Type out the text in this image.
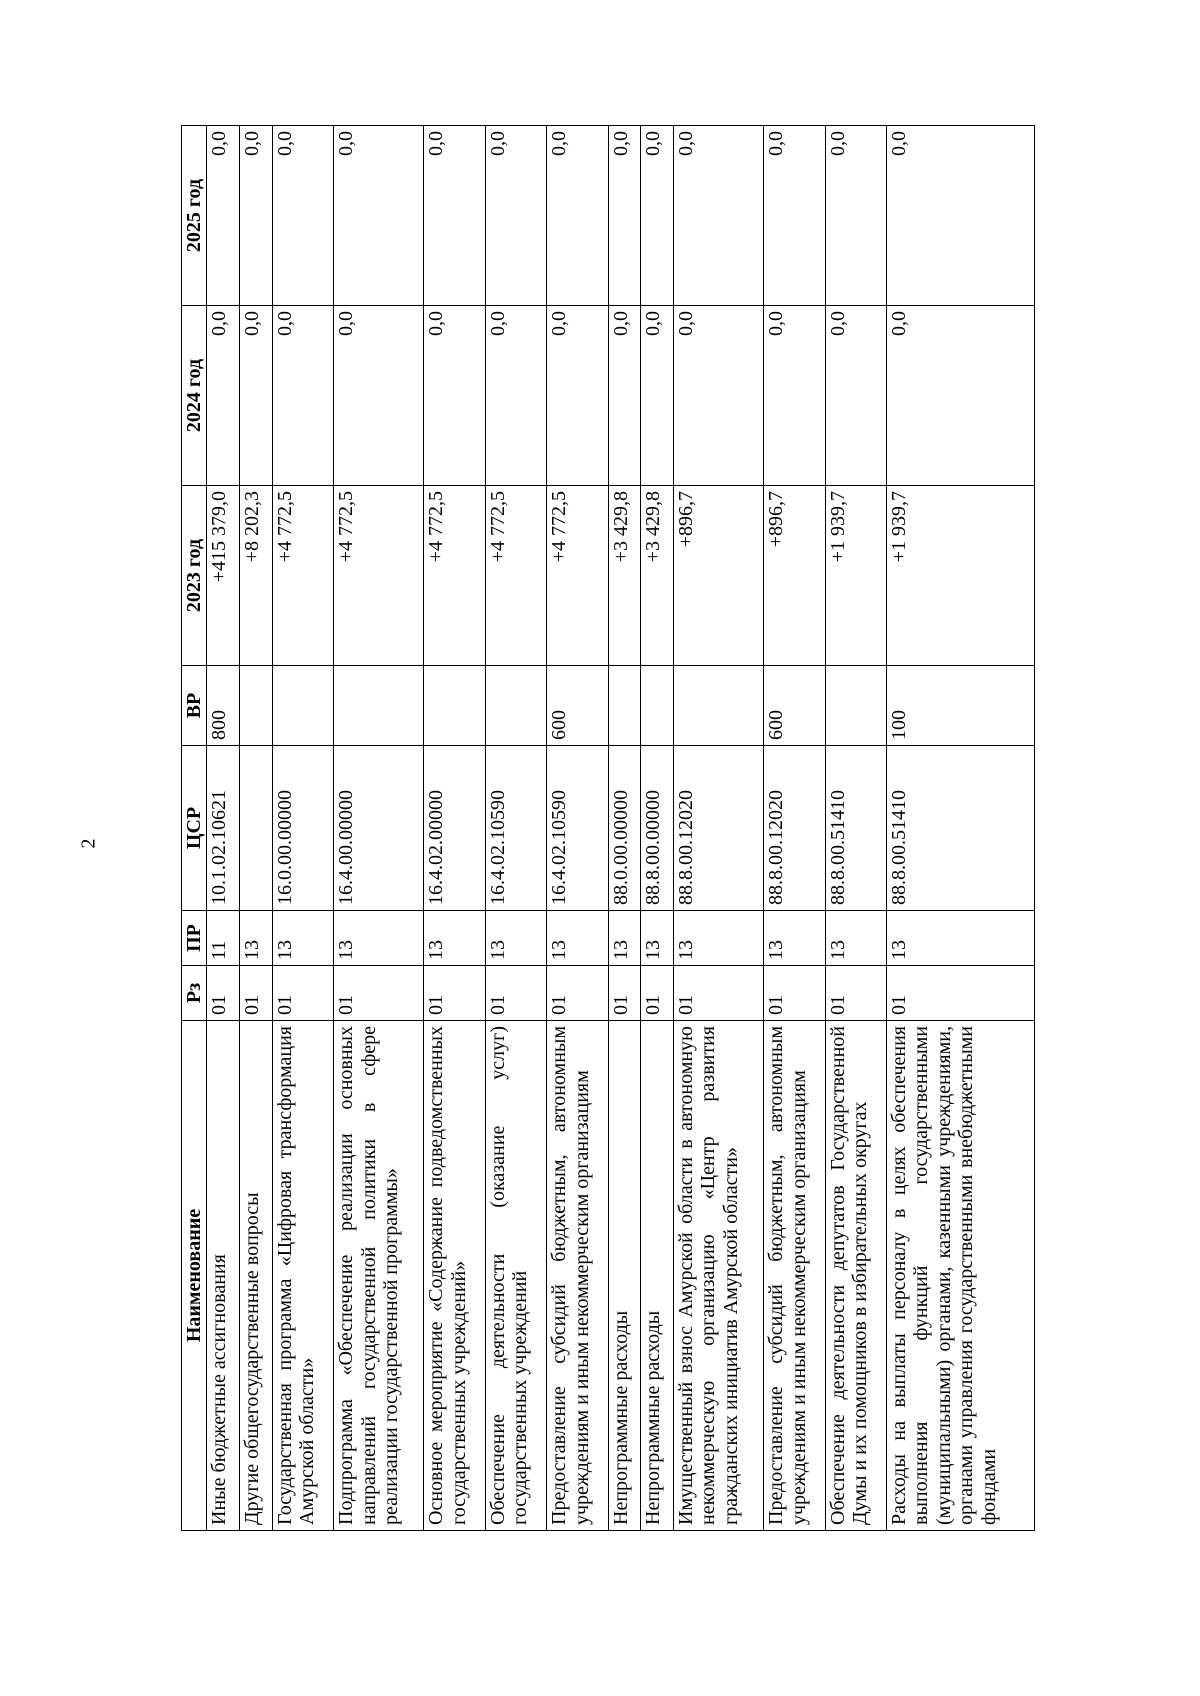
2
Наименование	Рз	ПР	ЦСР	ВР	2023 год	2024 год	2025 год
Иные бюджетные ассигнования	01	11	10.1.02.10621	800	+415 379,0	0,0	0,0
Другие общегосударственные вопросы	01	13			+8 202,3	0,0	0,0
Государственная программа «Цифровая трансформация Амурской области»	01	13	16.0.00.00000		+4 772,5	0,0	0,0
Подпрограмма «Обеспечение реализации основных направлений государственной политики в сфере реализации государственной программы»	01	13	16.4.00.00000		+4 772,5	0,0	0,0
Основное мероприятие «Содержание подведомственных государственных учреждений»	01	13	16.4.02.00000		+4 772,5	0,0	0,0
Обеспечение деятельности (оказание услуг) государственных учреждений	01	13	16.4.02.10590		+4 772,5	0,0	0,0
Предоставление субсидий бюджетным, автономным учреждениям и иным некоммерческим организациям	01	13	16.4.02.10590	600	+4 772,5	0,0	0,0
Непрограммные расходы	01	13	88.0.00.00000		+3 429,8	0,0	0,0
Непрограммные расходы	01	13	88.8.00.00000		+3 429,8	0,0	0,0
Имущественный взнос Амурской области в автономную некоммерческую организацию «Центр развития гражданских инициатив Амурской области»	01	13	88.8.00.12020		+896,7	0,0	0,0
Предоставление субсидий бюджетным, автономным учреждениям и иным некоммерческим организациям	01	13	88.8.00.12020	600	+896,7	0,0	0,0
Обеспечение деятельности депутатов Государственной Думы и их помощников в избирательных округах	01	13	88.8.00.51410		+1 939,7	0,0	0,0
Расходы на выплаты персоналу в целях обеспечения выполнения функций государственными (муниципальными) органами, казенными учреждениями, органами управления государственными внебюджетными фондами	01	13	88.8.00.51410	100	+1 939,7	0,0	0,0
